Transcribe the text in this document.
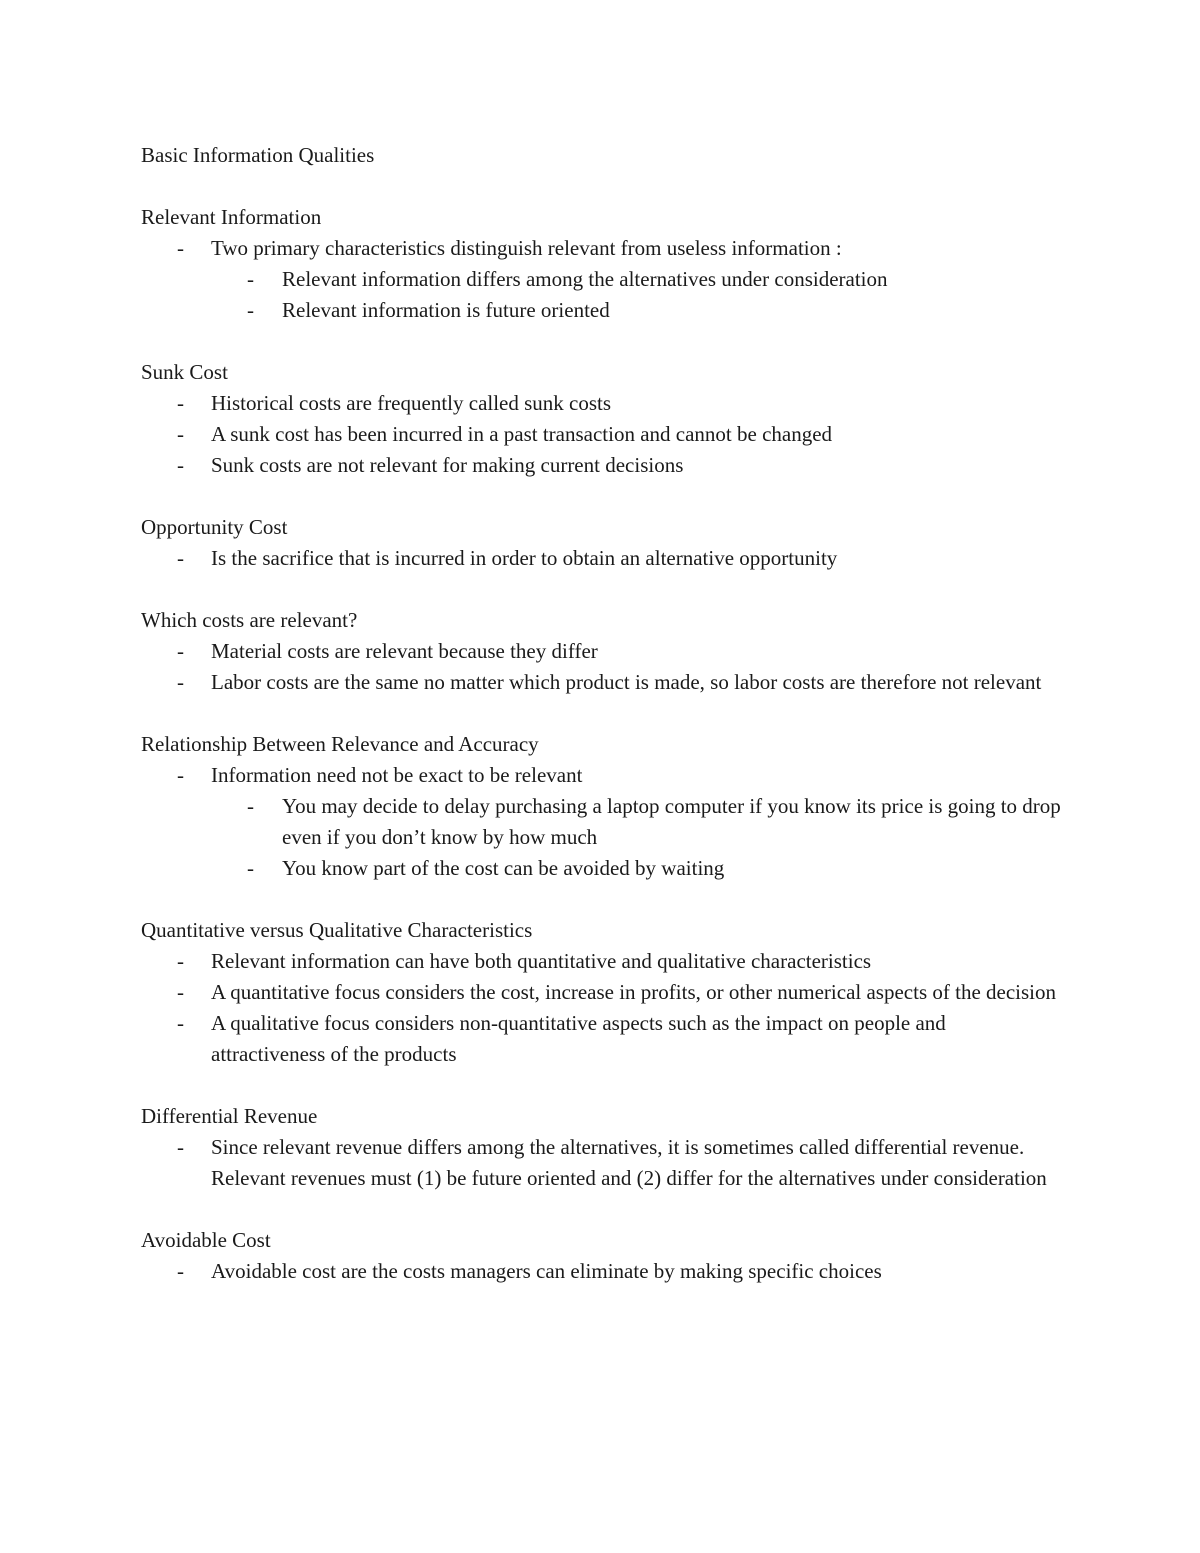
Basic Information Qualities

Relevant Information

- Two primary characteristics distinguish relevant from useless information :
- Relevant information differs among the alternatives under consideration
- Relevant information is future oriented

Sunk Cost

- Historical costs are frequently called sunk costs
- A sunk cost has been incurred in a past transaction and cannot be changed
- Sunk costs are not relevant for making current decisions

Opportunity Cost

- Is the sacrifice that is incurred in order to obtain an alternative opportunity

Which costs are relevant?

- Material costs are relevant because they differ
- Labor costs are the same no matter which product is made, so labor costs are therefore not relevant

Relationship Between Relevance and Accuracy

- Information need not be exact to be relevant
- You may decide to delay purchasing a laptop computer if you know its price is going to drop even if you don’t know by how much
- You know part of the cost can be avoided by waiting

Quantitative versus Qualitative Characteristics

- Relevant information can have both quantitative and qualitative characteristics
- A quantitative focus considers the cost, increase in profits, or other numerical aspects of the decision
- A qualitative focus considers non-quantitative aspects such as the impact on people and attractiveness of the products

Differential Revenue

- Since relevant revenue differs among the alternatives, it is sometimes called differential revenue. Relevant revenues must (1) be future oriented and (2) differ for the alternatives under consideration

Avoidable Cost

- Avoidable cost are the costs managers can eliminate by making specific choices
